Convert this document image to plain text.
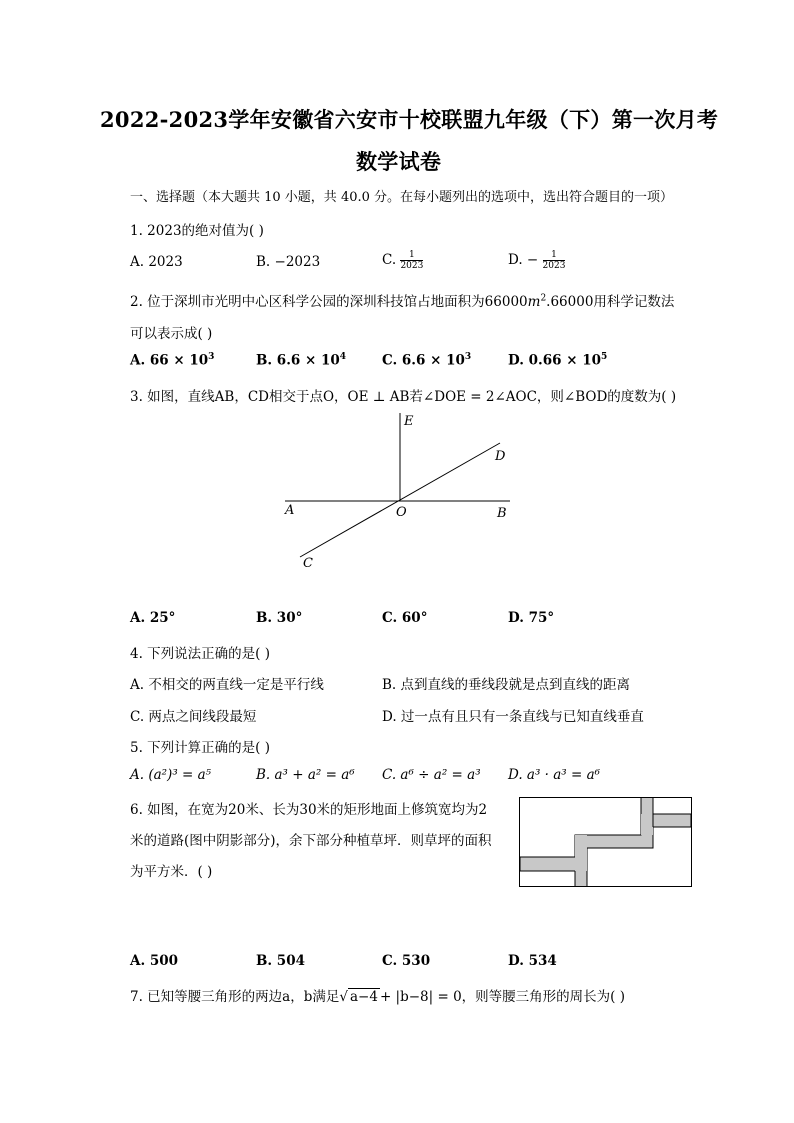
2022-2023学年安徽省六安市十校联盟九年级（下）第一次月考
数学试卷
一、选择题（本大题共 10 小题，共 40.0 分。在每小题列出的选项中，选出符合题目的一项）
1. 2023的绝对值为( )
A. 2023	B. −2023	C. $\frac{1}{2023}$	D. − $\frac{1}{2023}$
2. 位于深圳市光明中心区科学公园的深圳科技馆占地面积为$66000m^2.66000$用科学记数法
可以表示成( )
A. $66 \times 10^3$	B. $6.6 \times 10^4$	C. $6.6 \times 10^3$	D. $0.66 \times 10^5$
3. 如图，直线AB，CD相交于点O，OE ⊥ AB若∠DOE = 2∠AOC，则∠BOD的度数为( )
E
D
A	O	B
C
A. 25°	B. 30°	C. 60°	D. 75°
4. 下列说法正确的是( )
A. 不相交的两直线一定是平行线	B. 点到直线的垂线段就是点到直线的距离
C. 两点之间线段最短	D. 过一点有且只有一条直线与已知直线垂直
5. 下列计算正确的是( )
A. (a²)³ = a⁵	B. a³ + a² = a⁶ C. a⁶ ÷ a² = a³ D. a³ · a³ = a⁶
6. 如图，在宽为20米、长为30米的矩形地面上修筑宽均为2
米的道路(图中阴影部分)，余下部分种植草坪．则草坪的面积
为平方米．( )
A. 500	B. 504	C. 530	D. 534
7. 已知等腰三角形的两边a，b满足√ a−4 + |b−8| = 0，则等腰三角形的周长为( )
